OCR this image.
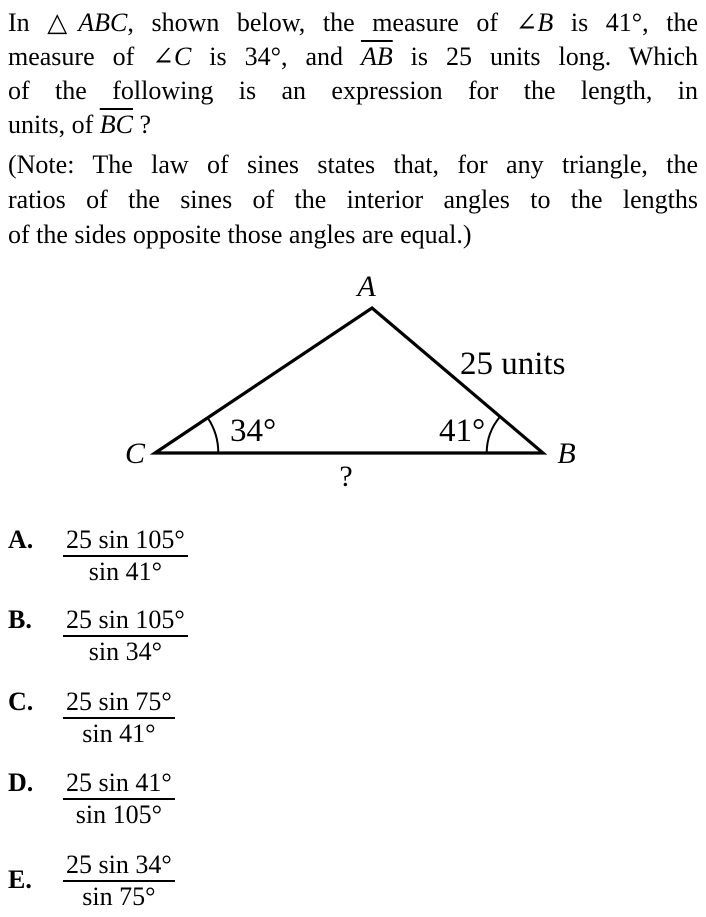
In △ABC, shown below, the measure of ∠B is 41°, the
measure of ∠C is 34°, and $\overline{AB}$ is 25 units long. Which
of the following is an expression for the length, in
units, of $\overline{BC}$ ?
(Note: The law of sines states that, for any triangle, the
ratios of the sines of the interior angles to the lengths
of the sides opposite those angles are equal.)
A
C	B
25 units
34°	41°
?
A. $\frac{25 \sin 105^\circ}{\sin 41^\circ}$
B. $\frac{25 \sin 105^\circ}{\sin 34^\circ}$
C. $\frac{25 \sin 75^\circ}{\sin 41^\circ}$
D. $\frac{25 \sin 41^\circ}{\sin 105^\circ}$
E. $\frac{25 \sin 34^\circ}{\sin 75^\circ}$
